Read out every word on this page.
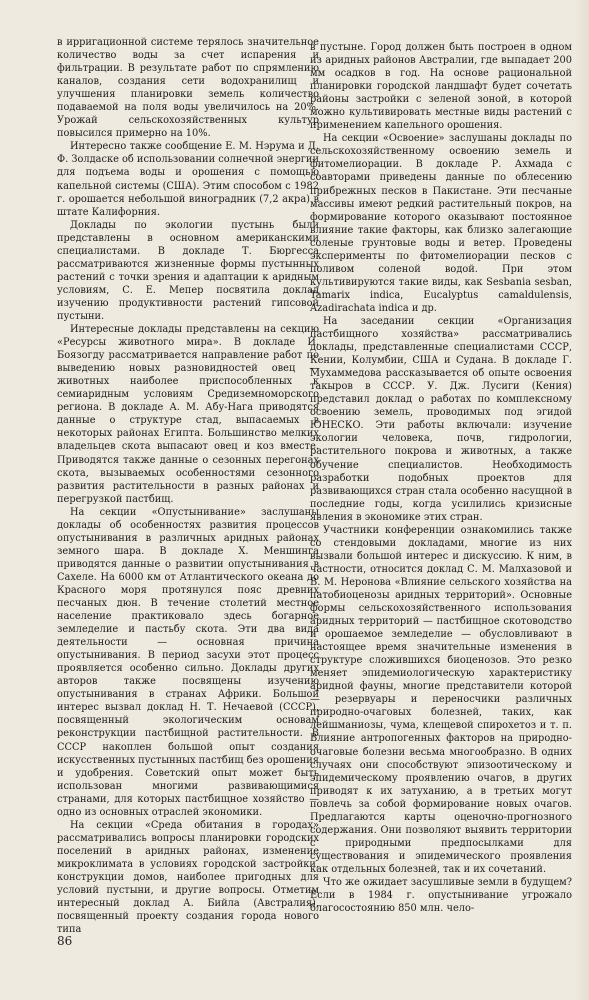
в ирригационной системе терялось значительное количество воды за счет испарения и фильтрации. В результате работ по спрямлению каналов, создания сети водохранилищ и улучшения планировки земель количество подаваемой на поля воды увеличилось на 20%. Урожай сельскохозяйственных культур повысился примерно на 10%.

Интересно также сообщение Е. М. Нэрума и Д. Ф. Золдаске об использовании солнечной энергии для подъема воды и орошения с помощью капельной системы (США). Этим способом с 1982 г. орошается небольшой виноградник (7,2 акра) в штате Калифорния.

Доклады по экологии пустынь были представлены в основном американскими специалистами. В докладе Т. Бюргесса рассматриваются жизненные формы пустынных растений с точки зрения и адаптации к аридным условиям, С. Е. Мепер посвятила доклад изучению продуктивности растений гипсовой пустыни.

Интересные доклады представлены на секцию «Ресурсы животного мира». В докладе И. Боязогду рассматривается направление работ по выведению новых разновидностей овец — животных наиболее приспособленных к семиаридным условиям Средиземноморского региона. В докладе А. М. Абу-Нага приводятся данные о структуре стад, выпасаемых в некоторых районах Египта. Большинство мелких владельцев скота выпасают овец и коз вместе. Приводятся также данные о сезонных перегонах скота, вызываемых особенностями сезонного развития растительности в разных районах и перегрузкой пастбищ.

На секции «Опустынивание» заслушаны доклады об особенностях развития процессов опустынивания в различных аридных районах земного шара. В докладе Х. Меншинга приводятся данные о развитии опустынивания в Сахеле. На 6000 км от Атлантического океана до Красного моря протянулся пояс древних песчаных дюн. В течение столетий местное население практиковало здесь богарное земледелие и пастьбу скота. Эти два вида деятельности — основная причина опустынивания. В период засухи этот процесс проявляется особенно сильно. Доклады других авторов также посвящены изучению опустынивания в странах Африки. Большой интерес вызвал доклад Н. Т. Нечаевой (СССР), посвященный экологическим основам реконструкции пастбищной растительности. В СССР накоплен большой опыт создания искусственных пустынных пастбищ без орошения и удобрения. Советский опыт может быть использован многими развивающимися странами, для которых пастбищное хозяйство — одно из основных отраслей экономики.

На секции «Среда обитания в городах» рассматривались вопросы планировки городских поселений в аридных районах, изменение микроклимата в условиях городской застройки, конструкции домов, наиболее пригодных для условий пустыни, и другие вопросы. Отметим интересный доклад А. Бийла (Австралия), посвященный проекту создания города нового типа

в пустыне. Город должен быть построен в одном из аридных районов Австралии, где выпадает 200 мм осадков в год. На основе рациональной планировки городской ландшафт будет сочетать районы застройки с зеленой зоной, в которой можно культивировать местные виды растений с применением капельного орошения.

На секции «Освоение» заслушаны доклады по сельскохозяйственному освоению земель и фитомелиорации. В докладе Р. Ахмада с соавторами приведены данные по облесению прибрежных песков в Пакистане. Эти песчаные массивы имеют редкий растительный покров, на формирование которого оказывают постоянное влияние такие факторы, как близко залегающие соленые грунтовые воды и ветер. Проведены эксперименты по фитомелиорации песков с поливом соленой водой. При этом культивируются такие виды, как Sesbania sesban, Tamarix indica, Eucalyptus camaldulensis, Azadirachata indica и др.

На заседании секции «Организация пастбищного хозяйства» рассматривались доклады, представленные специалистами СССР, Кении, Колумбии, США и Судана. В докладе Г. Мухаммедова рассказывается об опыте освоения такыров в СССР. У. Дж. Лусиги (Кения) представил доклад о работах по комплексному освоению земель, проводимых под эгидой ЮНЕСКО. Эти работы включали: изучение экологии человека, почв, гидрологии, растительного покрова и животных, а также обучение специалистов. Необходимость разработки подобных проектов для развивающихся стран стала особенно насущной в последние годы, когда усилились кризисные явления в экономике этих стран.

Участники конференции ознакомились также со стендовыми докладами, многие из них вызвали большой интерес и дискуссию. К ним, в частности, относится доклад С. М. Малхазовой и В. М. Неронова «Влияние сельского хозяйства на патобиоценозы аридных территорий». Основные формы сельскохозяйственного использования аридных территорий — пастбищное скотоводство и орошаемое земледелие — обусловливают в настоящее время значительные изменения в структуре сложившихся биоценозов. Это резко меняет эпидемиологическую характеристику аридной фауны, многие представители которой — резервуары и переносчики различных природно-очаговых болезней, таких, как лейшманиозы, чума, клещевой спирохетоз и т. п. Влияние антропогенных факторов на природно-очаговые болезни весьма многообразно. В одних случаях они способствуют эпизоотическому и эпидемическому проявлению очагов, в других приводят к их затуханию, а в третьих могут повлечь за собой формирование новых очагов. Предлагаются карты оценочно-прогнозного содержания. Они позволяют выявить территории с природными предпосылками для существования и эпидемического проявления как отдельных болезней, так и их сочетаний.

Что же ожидает засушливые земли в будущем? Если в 1984 г. опустынивание угрожало благосостоянию 850 млн. чело-

86
